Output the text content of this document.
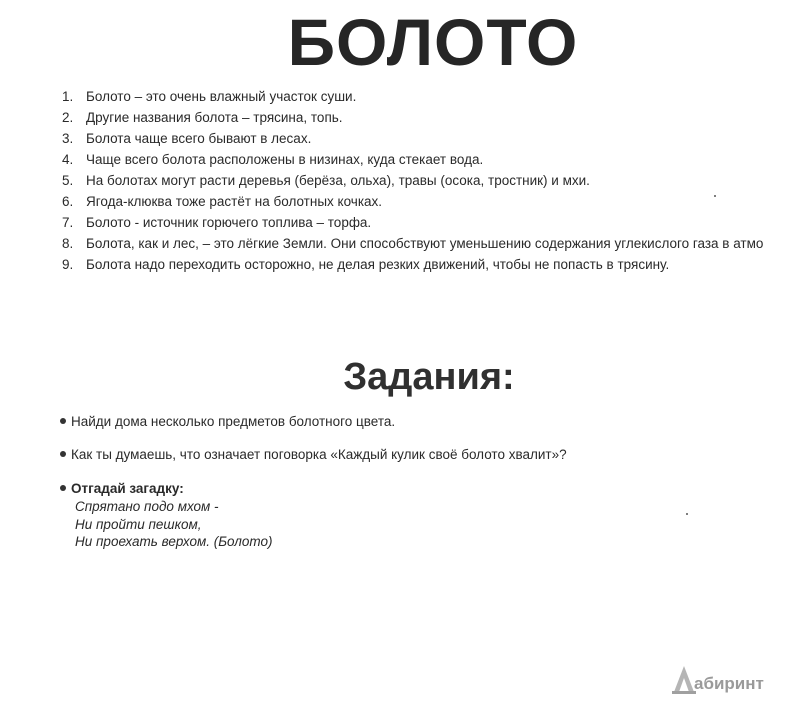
БОЛОТО
1. Болото – это очень влажный участок суши.
2. Другие названия болота – трясина, топь.
3. Болота чаще всего бывают в лесах.
4. Чаще всего болота расположены в низинах, куда стекает вода.
5. На болотах могут расти деревья (берёза, ольха), травы (осока, тростник) и мхи.
6. Ягода-клюква тоже растёт на болотных кочках.
7. Болото - источник горючего топлива – торфа.
8. Болота, как и лес, – это лёгкие Земли. Они способствуют уменьшению содержания углекислого газа в атмо
9. Болота надо переходить осторожно, не делая резких движений, чтобы не попасть в трясину.
Задания:
Найди дома несколько предметов болотного цвета.
Как ты думаешь, что означает поговорка «Каждый кулик своё болото хвалит»?
Отгадай загадку:
Спрятано подо мхом -
Ни пройти пешком,
Ни проехать верхом. (Болото)
абиринт
